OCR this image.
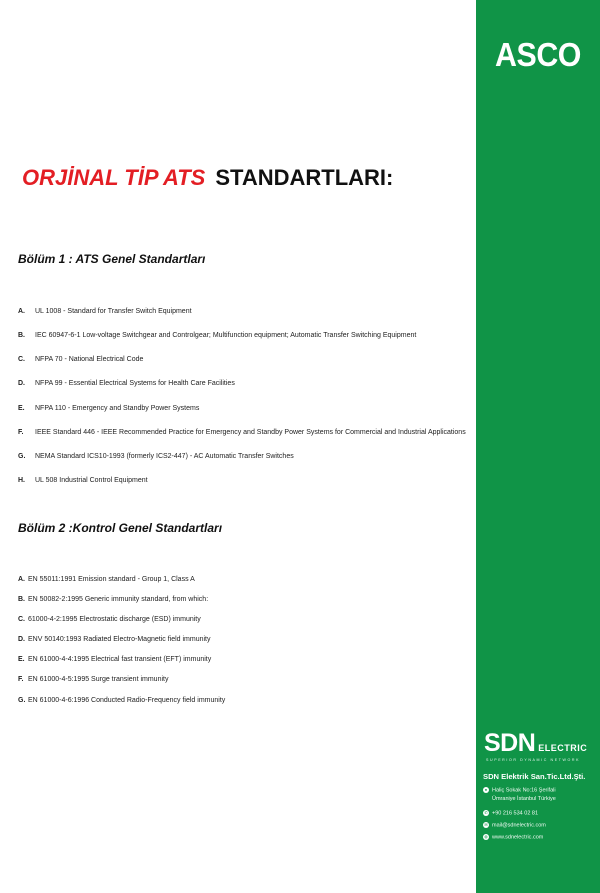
ORJİNAL TİP ATS STANDARTLARI:
Bölüm 1 : ATS Genel Standartları
A. UL 1008 - Standard for Transfer Switch Equipment
B. IEC 60947-6-1 Low-voltage Switchgear and Controlgear; Multifunction equipment; Automatic Transfer Switching Equipment
C. NFPA 70 - National Electrical Code
D. NFPA 99 - Essential Electrical Systems for Health Care Facilities
E. NFPA 110 - Emergency and Standby Power Systems
F. IEEE Standard 446 - IEEE Recommended Practice for Emergency and Standby Power Systems for Commercial and Industrial Applications
G. NEMA Standard ICS10-1993 (formerly ICS2-447) - AC Automatic Transfer Switches
H. UL 508 Industrial Control Equipment
Bölüm 2 :Kontrol Genel Standartları
A. EN 55011:1991 Emission standard - Group 1, Class A
B. EN 50082-2:1995 Generic immunity standard, from which:
C. 61000-4-2:1995 Electrostatic discharge (ESD) immunity
D. ENV 50140:1993 Radiated Electro-Magnetic field immunity
E. EN 61000-4-4:1995 Electrical fast transient (EFT) immunity
F. EN 61000-4-5:1995 Surge transient immunity
G. EN 61000-4-6:1996 Conducted Radio-Frequency field immunity
ASCO
SDN ELECTRIC
SUPERIOR DYNAMIC NETWORK
SDN Elektrik San.Tic.Ltd.Şti.
● Haliç Sokak No:16 Şerifali
Ümraniye İstanbul Türkiye
✆ +90 216 534 02 81
✉ mail@sdnelectric.com
◍ www.sdnelectric.com
